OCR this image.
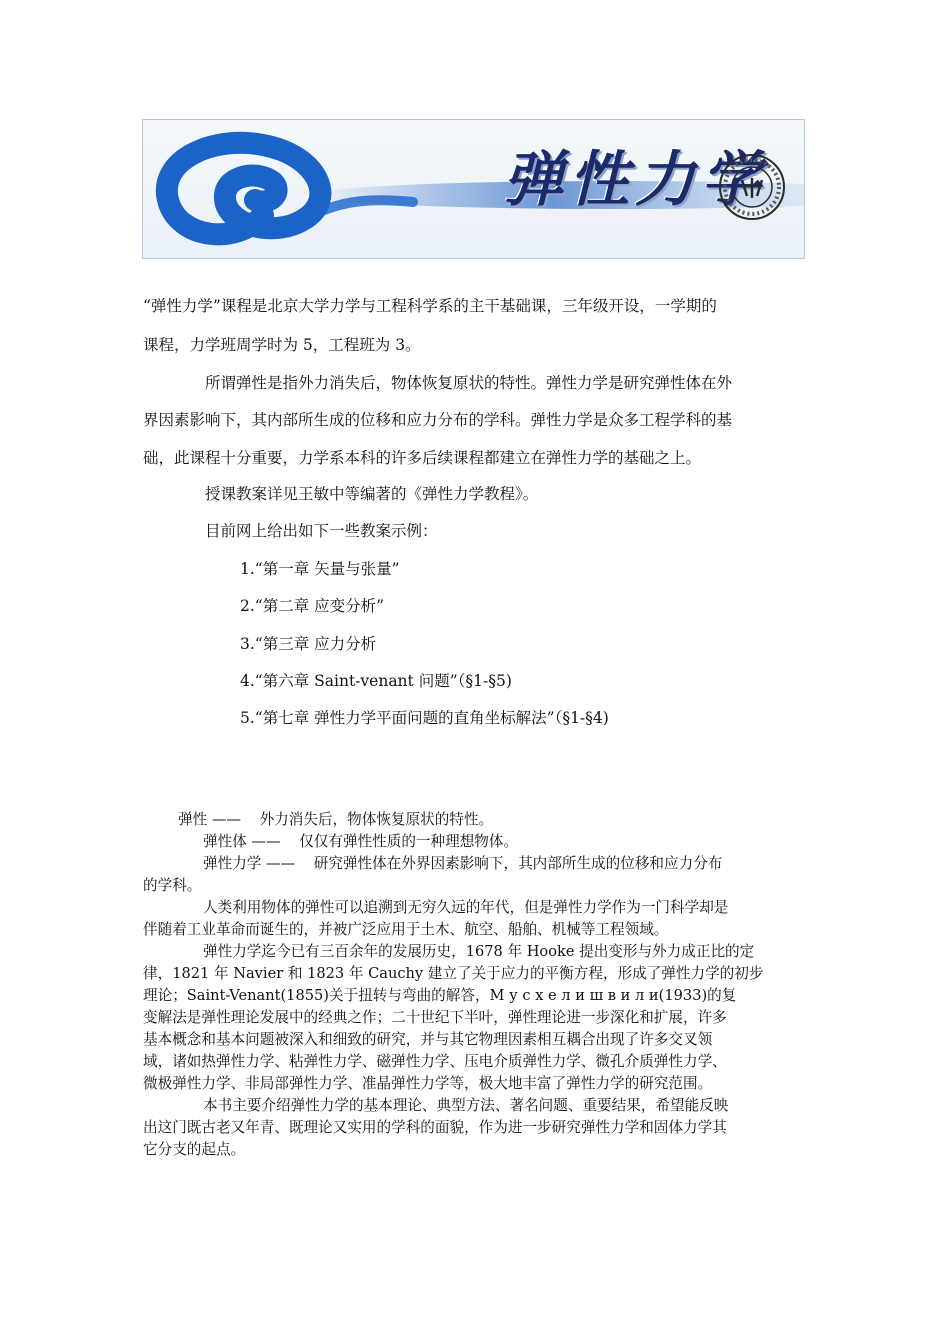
弹性力学
“弹性力学”课程是北京大学力学与工程科学系的主干基础课，三年级开设，一学期的
课程，力学班周学时为 5，工程班为 3。
所谓弹性是指外力消失后，物体恢复原状的特性。弹性力学是研究弹性体在外
界因素影响下，其内部所生成的位移和应力分布的学科。弹性力学是众多工程学科的基
础，此课程十分重要，力学系本科的许多后续课程都建立在弹性力学的基础之上。
授课教案详见王敏中等编著的《弹性力学教程》。
目前网上给出如下一些教案示例：
1.“第一章 矢量与张量”
2.“第二章 应变分析”
3.“第三章 应力分析
4.“第六章 Saint-venant 问题”（§1-§5)
5.“第七章 弹性力学平面问题的直角坐标解法”（§1-§4)
弹性 ——    外力消失后，物体恢复原状的特性。
弹性体 ——    仅仅有弹性性质的一种理想物体。
弹性力学 ——    研究弹性体在外界因素影响下，其内部所生成的位移和应力分布
的学科。
人类利用物体的弹性可以追溯到无穷久远的年代，但是弹性力学作为一门科学却是
伴随着工业革命而诞生的，并被广泛应用于土木、航空、船舶、机械等工程领域。
弹性力学迄今已有三百余年的发展历史，1678 年 Hooke 提出变形与外力成正比的定
律，1821 年 Navier 和 1823 年 Cauchy 建立了关于应力的平衡方程，形成了弹性力学的初步
理论；Saint-Venant(1855)关于扭转与弯曲的解答，М у с х е л и ш в и л и(1933)的复
变解法是弹性理论发展中的经典之作；二十世纪下半叶，弹性理论进一步深化和扩展，许多
基本概念和基本问题被深入和细致的研究，并与其它物理因素相互耦合出现了许多交叉领
域，诸如热弹性力学、粘弹性力学、磁弹性力学、压电介质弹性力学、微孔介质弹性力学、
微极弹性力学、非局部弹性力学、准晶弹性力学等，极大地丰富了弹性力学的研究范围。
本书主要介绍弹性力学的基本理论、典型方法、著名问题、重要结果，希望能反映
出这门既古老又年青、既理论又实用的学科的面貌，作为进一步研究弹性力学和固体力学其
它分支的起点。
